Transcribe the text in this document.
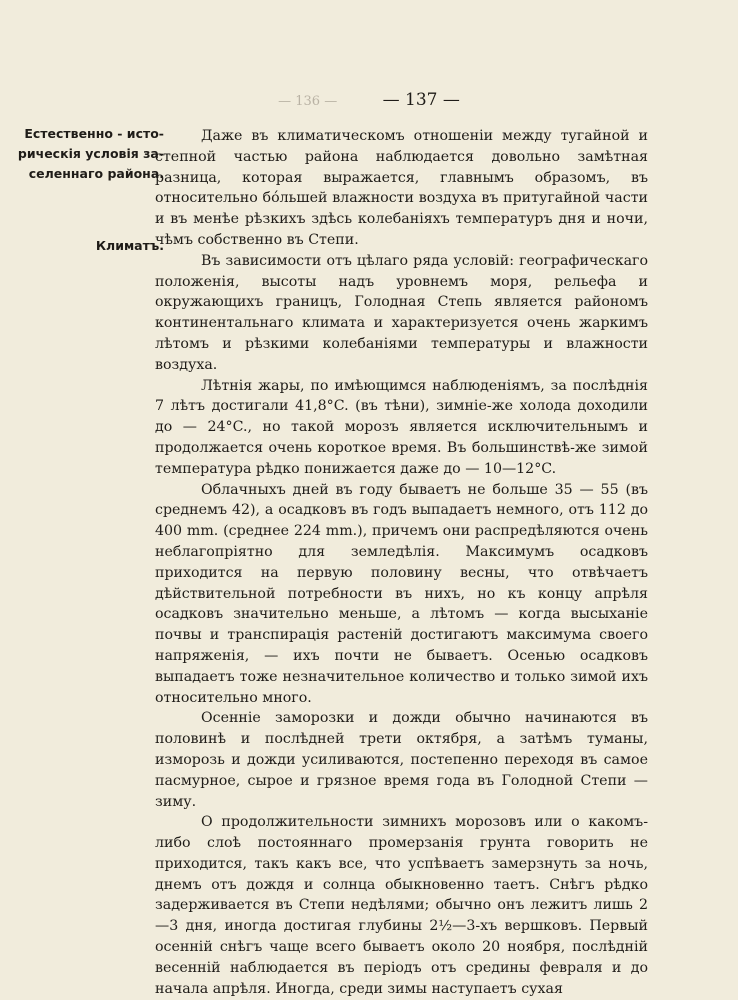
— 136 —	— 137 —
Естественно - исто- рическія условія за- селеннаго района.
Климатъ.

Даже въ климатическомъ отношеніи между тугайной и степной частью района наблюдается довольно замѣтная разница, которая выражается, главнымъ образомъ, въ относительно бóльшей влажности воздуха въ притугайной части и въ менѣе рѣзкихъ здѣсь колебаніяхъ температуръ дня и ночи, чѣмъ собственно въ Степи.

Въ зависимости отъ цѣлаго ряда условій: географическаго положенія, высоты надъ уровнемъ моря, рельефа и окружающихъ границъ, Голодная Степь является райономъ континентальнаго климата и характеризуется очень жаркимъ лѣтомъ и рѣзкими колебаніями температуры и влажности воздуха.

Лѣтнія жары, по имѣющимся наблюденіямъ, за послѣднія 7 лѣтъ достигали 41,8°C. (въ тѣни), зимніе-же холода доходили до — 24°C., но такой морозъ является исключительнымъ и продолжается очень короткое время. Въ большинствѣ-же зимой температура рѣдко понижается даже до — 10—12°C.

Облачныхъ дней въ году бываетъ не больше 35 — 55 (въ среднемъ 42), а осадковъ въ годъ выпадаетъ немного, отъ 112 до 400 mm. (среднее 224 mm.), причемъ они распредѣляются очень неблагопріятно для земледѣлія. Максимумъ осадковъ приходится на первую половину весны, что отвѣчаетъ дѣйствительной потребности въ нихъ, но къ концу апрѣля осадковъ значительно меньше, а лѣтомъ — когда высыханіе почвы и транспирація растеній достигаютъ максимума своего напряженія, — ихъ почти не бываетъ. Осенью осадковъ выпадаетъ тоже незначительное количество и только зимой ихъ относительно много.

Осенніе заморозки и дожди обычно начинаются въ половинѣ и послѣдней трети октября, а затѣмъ туманы, изморозь и дожди усиливаются, постепенно переходя въ самое пасмурное, сырое и грязное время года въ Голодной Степи — зиму.

О продолжительности зимнихъ морозовъ или о какомъ-либо слоѣ постояннаго промерзанія грунта говорить не приходится, такъ какъ все, что успѣваетъ замерзнуть за ночь, днемъ отъ дождя и солнца обыкновенно таетъ. Снѣгъ рѣдко задерживается въ Степи недѣлями; обычно онъ лежитъ лишь 2—3 дня, иногда достигая глубины 2½—3-хъ вершковъ. Первый осенній снѣгъ чаще всего бываетъ около 20 ноября, послѣдній весенній наблюдается въ періодъ отъ средины февраля и до начала апрѣля. Иногда, среди зимы наступаетъ сухая
